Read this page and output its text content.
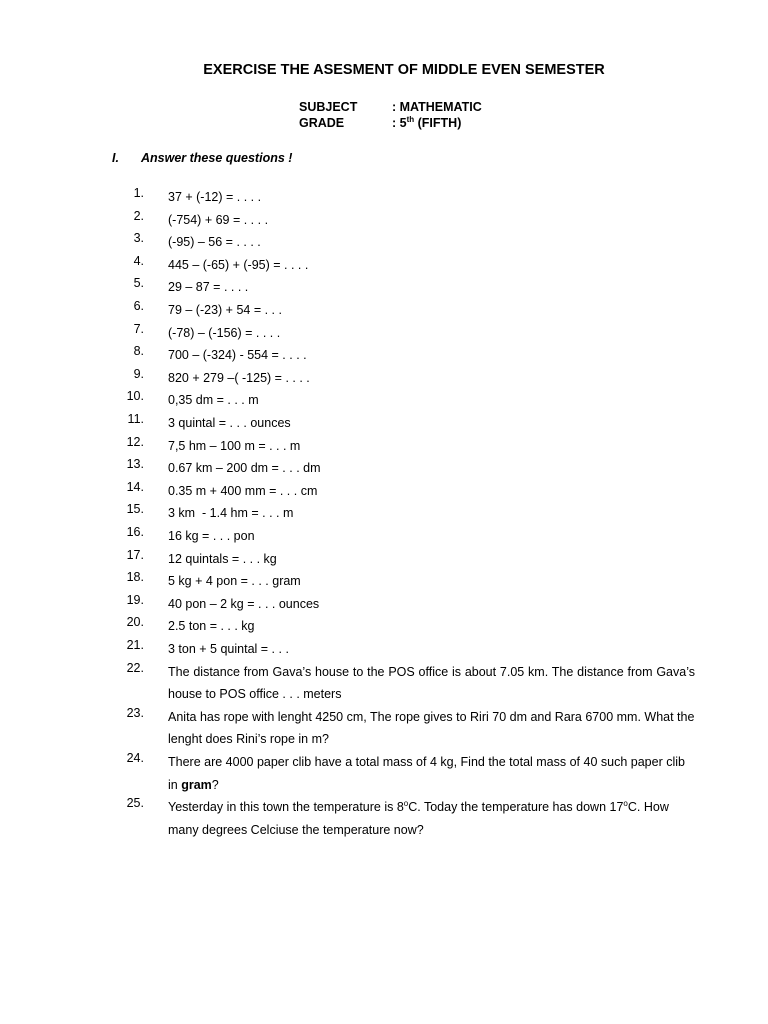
EXERCISE THE ASESMENT OF MIDDLE EVEN SEMESTER
SUBJECT	: MATHEMATIC
GRADE	: 5th (FIFTH)
I. Answer these questions !
1. 37 + (-12) = . . . .
2. (-754) + 69 = . . . .
3. (-95) – 56 = . . . .
4. 445 – (-65) + (-95) = . . . .
5. 29 – 87 = . . . .
6. 79 – (-23) + 54 = . . .
7. (-78) – (-156) = . . . .
8. 700 – (-324) - 554 = . . . .
9. 820 + 279 –( -125) = . . . .
10. 0,35 dm = . . . m
11. 3 quintal = . . . ounces
12. 7,5 hm – 100 m = . . . m
13. 0.67 km – 200 dm = . . . dm
14. 0.35 m + 400 mm = . . . cm
15. 3 km  - 1.4 hm = . . . m
16. 16 kg = . . . pon
17. 12 quintals = . . . kg
18. 5 kg + 4 pon = . . . gram
19. 40 pon – 2 kg = . . . ounces
20. 2.5 ton = . . . kg
21. 3 ton + 5 quintal = . . .
22. The distance from Gava’s house to the POS office is about 7.05 km. The distance from Gava’s house to POS office . . . meters
23. Anita has rope with lenght 4250 cm, The rope gives to Riri 70 dm and Rara 6700 mm. What the lenght does Rini’s rope in m?
24. There are 4000 paper clib have a total mass of 4 kg, Find the total mass of 40 such paper clib in gram?
25. Yesterday in this town the temperature is 8$^o$C. Today the temperature has down 17$^o$C. How many degrees Celciuse the temperature now?
